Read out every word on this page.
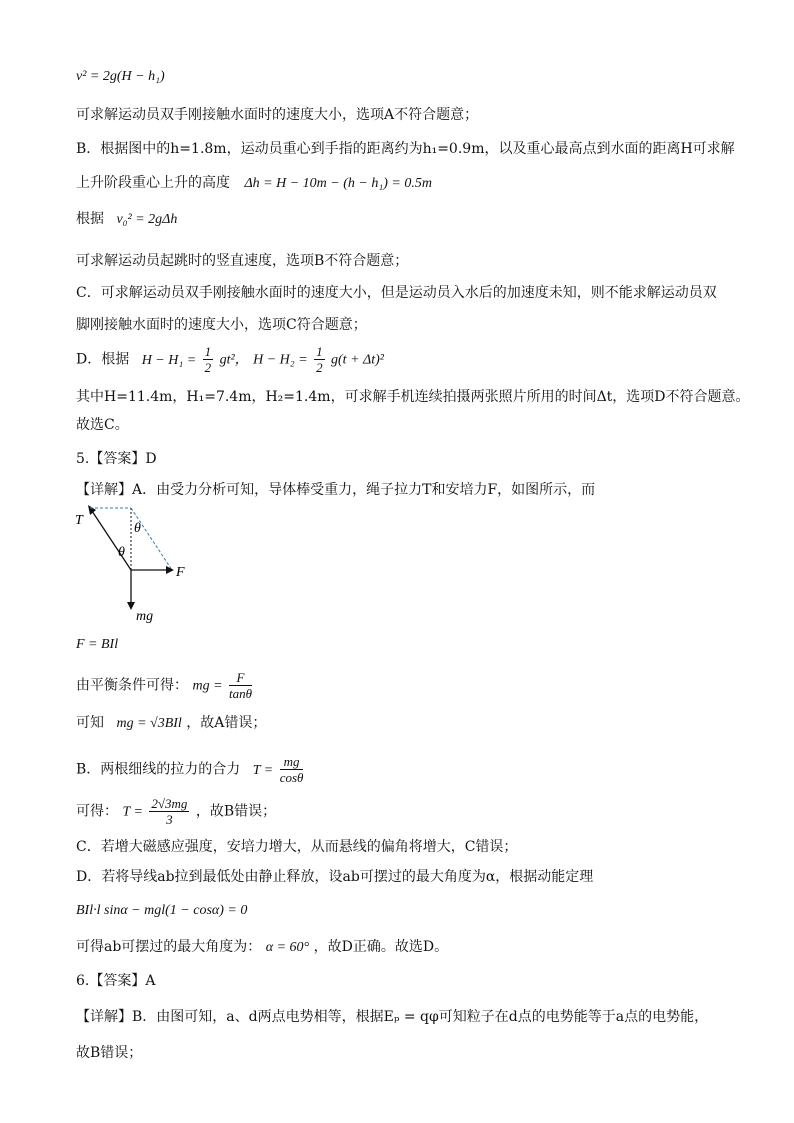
v² = 2g(H − h₁)
可求解运动员双手刚接触水面时的速度大小，选项A不符合题意；
B．根据图中的h=1.8m，运动员重心到手指的距离约为h₁=0.9m，以及重心最高点到水面的距离H可求解
上升阶段重心上升的高度 Δh = H − 10m − (h − h₁) = 0.5m
根据 v₀² = 2gΔh
可求解运动员起跳时的竖直速度，选项B不符合题意；
C．可求解运动员双手刚接触水面时的速度大小，但是运动员入水后的加速度未知，则不能求解运动员双
脚刚接触水面时的速度大小，选项C符合题意；
D．根据 $H - H_1 = \frac{1}{2} gt^2$， $H - H_2 = \frac{1}{2} g(t + \Delta t)^2$
其中H=11.4m，H₁=7.4m，H₂=1.4m，可求解手机连续拍摄两张照片所用的时间Δt，选项D不符合题意。
故选C。
5.【答案】D
【详解】A．由受力分析可知，导体棒受重力，绳子拉力T和安培力F，如图所示，而
T
θ
θ
F
mg
F = BIl
由平衡条件可得： mg = $\frac{F}{\tan\theta}$
可知 mg = √3BIl ，故A错误；
B．两根细线的拉力的合力 $T = \frac{mg}{\cos\theta}$
可得： $T = \frac{2√3mg}{3}$ ，故B错误；
C．若增大磁感应强度，安培力增大，从而悬线的偏角将增大，C错误；
D．若将导线ab拉到最低处由静止释放，设ab可摆过的最大角度为α，根据动能定理
BIl·l sinα − mgl(1 − cosα) = 0
可得ab可摆过的最大角度为： α = 60° ，故D正确。故选D。
6.【答案】A
【详解】B．由图可知，a、d两点电势相等，根据Eₚ = qφ可知粒子在d点的电势能等于a点的电势能，
故B错误；
